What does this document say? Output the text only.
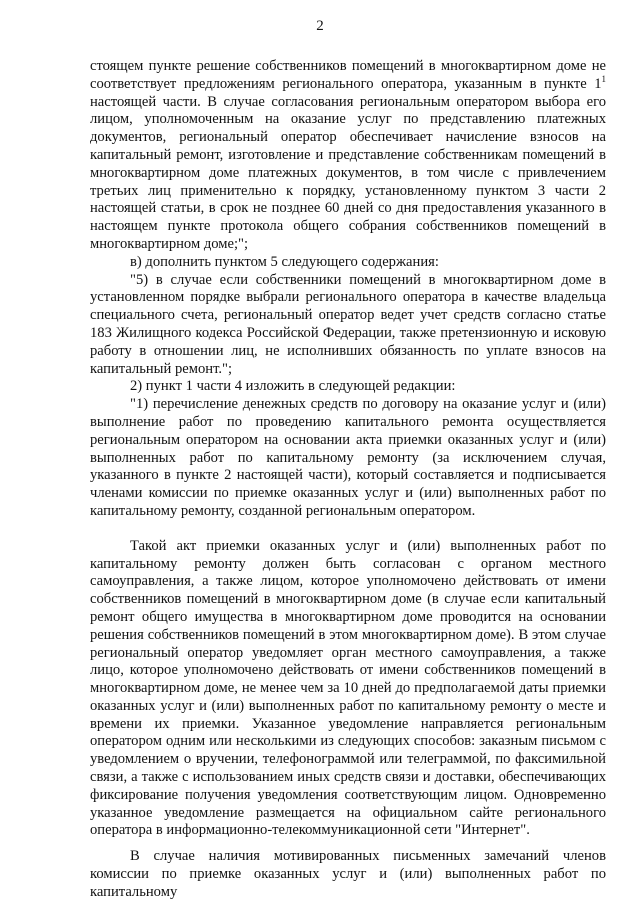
2

стоящем пункте решение собственников помещений в многоквартирном доме не соответствует предложениям регионального оператора, указанным в пункте $1^1$ настоящей части. В случае согласования региональным оператором выбора его лицом, уполномоченным на оказание услуг по представлению платежных документов, региональный оператор обеспечивает начисление взносов на капитальный ремонт, изготовление и представление собственникам помещений в многоквартирном доме платежных документов, в том числе с привлечением третьих лиц применительно к порядку, установленному пунктом 3 части 2 настоящей статьи, в срок не позднее 60 дней со дня предоставления указанного в настоящем пункте протокола общего собрания собственников помещений в многоквартирном доме;";

в) дополнить пунктом 5 следующего содержания:

"5) в случае если собственники помещений в многоквартирном доме в установленном порядке выбрали регионального оператора в качестве владельца специального счета, региональный оператор ведет учет средств согласно статье 183 Жилищного кодекса Российской Федерации, также претензионную и исковую работу в отношении лиц, не исполнивших обязанность по уплате взносов на капитальный ремонт.";

2) пункт 1 части 4 изложить в следующей редакции:

"1) перечисление денежных средств по договору на оказание услуг и (или) выполнение работ по проведению капитального ремонта осуществляется региональным оператором на основании акта приемки оказанных услуг и (или) выполненных работ по капитальному ремонту (за исключением случая, указанного в пункте 2 настоящей части), который составляется и подписывается членами комиссии по приемке оказанных услуг и (или) выполненных работ по капитальному ремонту, созданной региональным оператором.

Такой акт приемки оказанных услуг и (или) выполненных работ по капитальному ремонту должен быть согласован с органом местного самоуправления, а также лицом, которое уполномочено действовать от имени собственников помещений в многоквартирном доме (в случае если капитальный ремонт общего имущества в многоквартирном доме проводится на основании решения собственников помещений в этом многоквартирном доме). В этом случае региональный оператор уведомляет орган местного самоуправления, а также лицо, которое уполномочено действовать от имени собственников помещений в многоквартирном доме, не менее чем за 10 дней до предполагаемой даты приемки оказанных услуг и (или) выполненных работ по капитальному ремонту о месте и времени их приемки. Указанное уведомление направляется региональным оператором одним или несколькими из следующих способов: заказным письмом с уведомлением о вручении, телефонограммой или телеграммой, по факсимильной связи, а также с использованием иных средств связи и доставки, обеспечивающих фиксирование получения уведомления соответствующим лицом. Одновременно указанное уведомление размещается на официальном сайте регионального оператора в информационно-телекоммуникационной сети "Интернет".

В случае наличия мотивированных письменных замечаний членов комиссии по приемке оказанных услуг и (или) выполненных работ по капитальному
